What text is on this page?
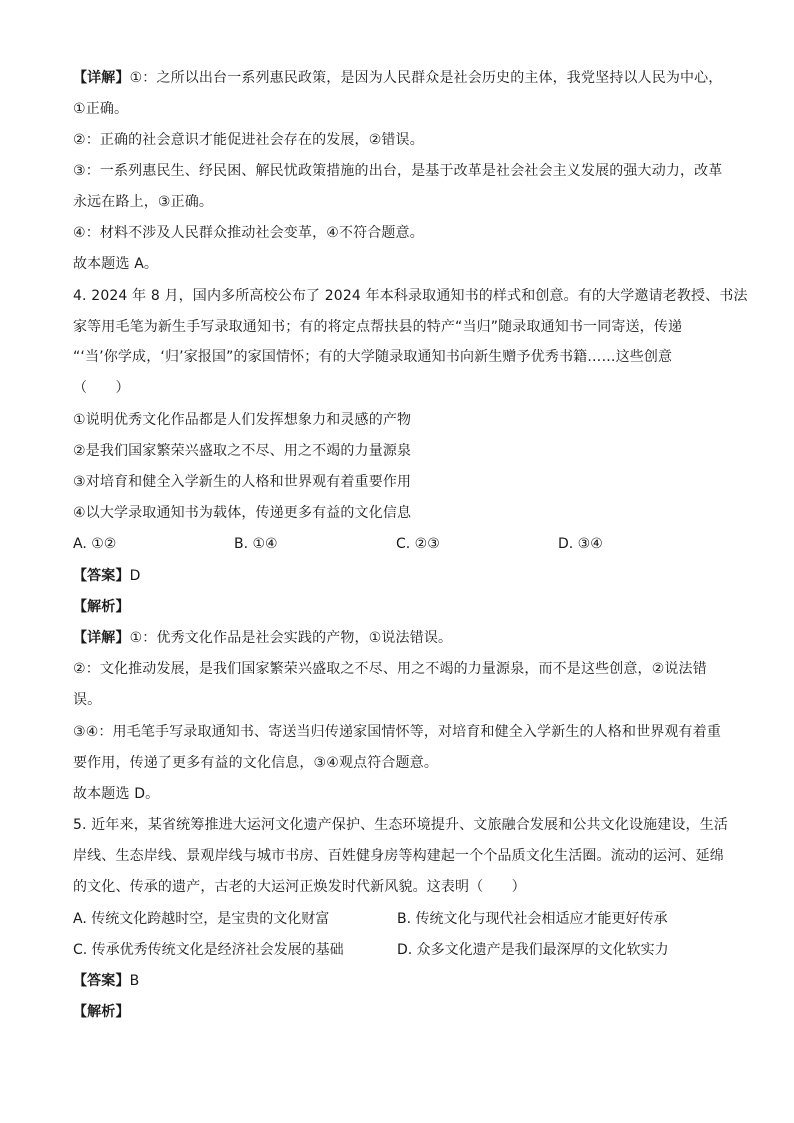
【详解】①：之所以出台一系列惠民政策，是因为人民群众是社会历史的主体，我党坚持以人民为中心，
①正确。
②：正确的社会意识才能促进社会存在的发展，②错误。
③：一系列惠民生、纾民困、解民忧政策措施的出台，是基于改革是社会社会主义发展的强大动力，改革
永远在路上，③正确。
④：材料不涉及人民群众推动社会变革，④不符合题意。
故本题选 A。
4. 2024 年 8 月，国内多所高校公布了 2024 年本科录取通知书的样式和创意。有的大学邀请老教授、书法
家等用毛笔为新生手写录取通知书；有的将定点帮扶县的特产“当归”随录取通知书一同寄送，传递
“‘当’你学成，‘归’家报国”的家国情怀；有的大学随录取通知书向新生赠予优秀书籍……这些创意
（　　）
①说明优秀文化作品都是人们发挥想象力和灵感的产物
②是我们国家繁荣兴盛取之不尽、用之不竭的力量源泉
③对培育和健全入学新生的人格和世界观有着重要作用
④以大学录取通知书为载体，传递更多有益的文化信息
A. ①②	B. ①④	C. ②③	D. ③④
【答案】D
【解析】
【详解】①：优秀文化作品是社会实践的产物，①说法错误。
②：文化推动发展，是我们国家繁荣兴盛取之不尽、用之不竭的力量源泉，而不是这些创意，②说法错
误。
③④：用毛笔手写录取通知书、寄送当归传递家国情怀等，对培育和健全入学新生的人格和世界观有着重
要作用，传递了更多有益的文化信息，③④观点符合题意。
故本题选 D。
5. 近年来，某省统筹推进大运河文化遗产保护、生态环境提升、文旅融合发展和公共文化设施建设，生活
岸线、生态岸线、景观岸线与城市书房、百姓健身房等构建起一个个品质文化生活圈。流动的运河、延绵
的文化、传承的遗产，古老的大运河正焕发时代新风貌。这表明（　　）
A. 传统文化跨越时空，是宝贵的文化财富	B. 传统文化与现代社会相适应才能更好传承
C. 传承优秀传统文化是经济社会发展的基础	D. 众多文化遗产是我们最深厚的文化软实力
【答案】B
【解析】
